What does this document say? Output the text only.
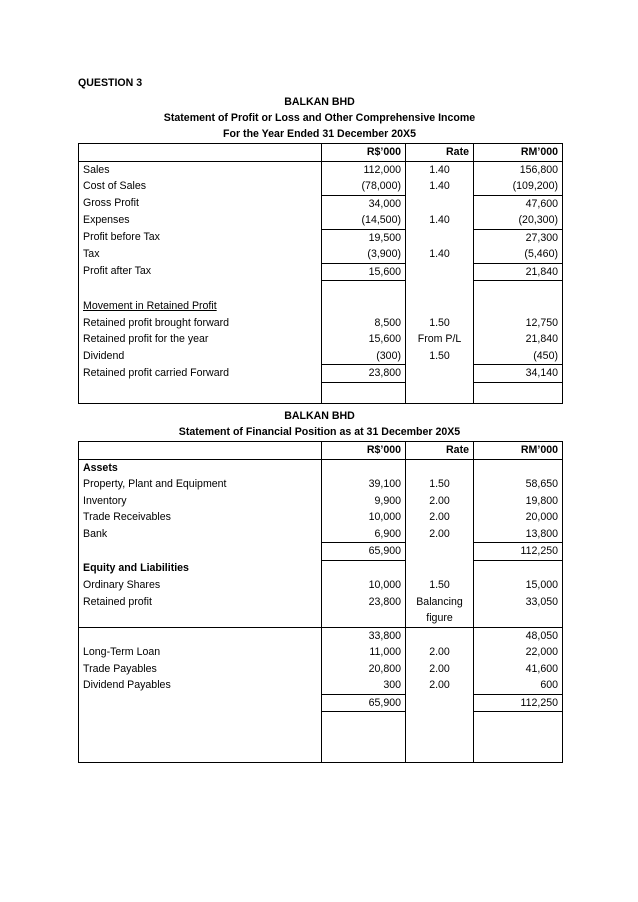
QUESTION 3
BALKAN BHD
Statement of Profit or Loss and Other Comprehensive Income
For the Year Ended 31 December 20X5
	R$’000	Rate	RM’000
Sales	112,000	1.40	156,800
Cost of Sales	(78,000)	1.40	(109,200)
Gross Profit	34,000		47,600
Expenses	(14,500)	1.40	(20,300)
Profit before Tax	19,500		27,300
Tax	(3,900)	1.40	(5,460)
Profit after Tax	15,600		21,840

Movement in Retained Profit			
Retained profit brought forward	8,500	1.50	12,750
Retained profit for the year	15,600	From P/L	21,840
Dividend	(300)	1.50	(450)
Retained profit carried Forward	23,800		34,140

BALKAN BHD
Statement of Financial Position as at 31 December 20X5
	R$’000	Rate	RM’000
Assets			
Property, Plant and Equipment	39,100	1.50	58,650
Inventory	9,900	2.00	19,800
Trade Receivables	10,000	2.00	20,000
Bank	6,900	2.00	13,800
	65,900		112,250
Equity and Liabilities			
Ordinary Shares	10,000	1.50	15,000
Retained profit	23,800	Balancing	33,050
		figure	
	33,800		48,050
Long-Term Loan	11,000	2.00	22,000
Trade Payables	20,800	2.00	41,600
Dividend Payables	300	2.00	600
	65,900		112,250
